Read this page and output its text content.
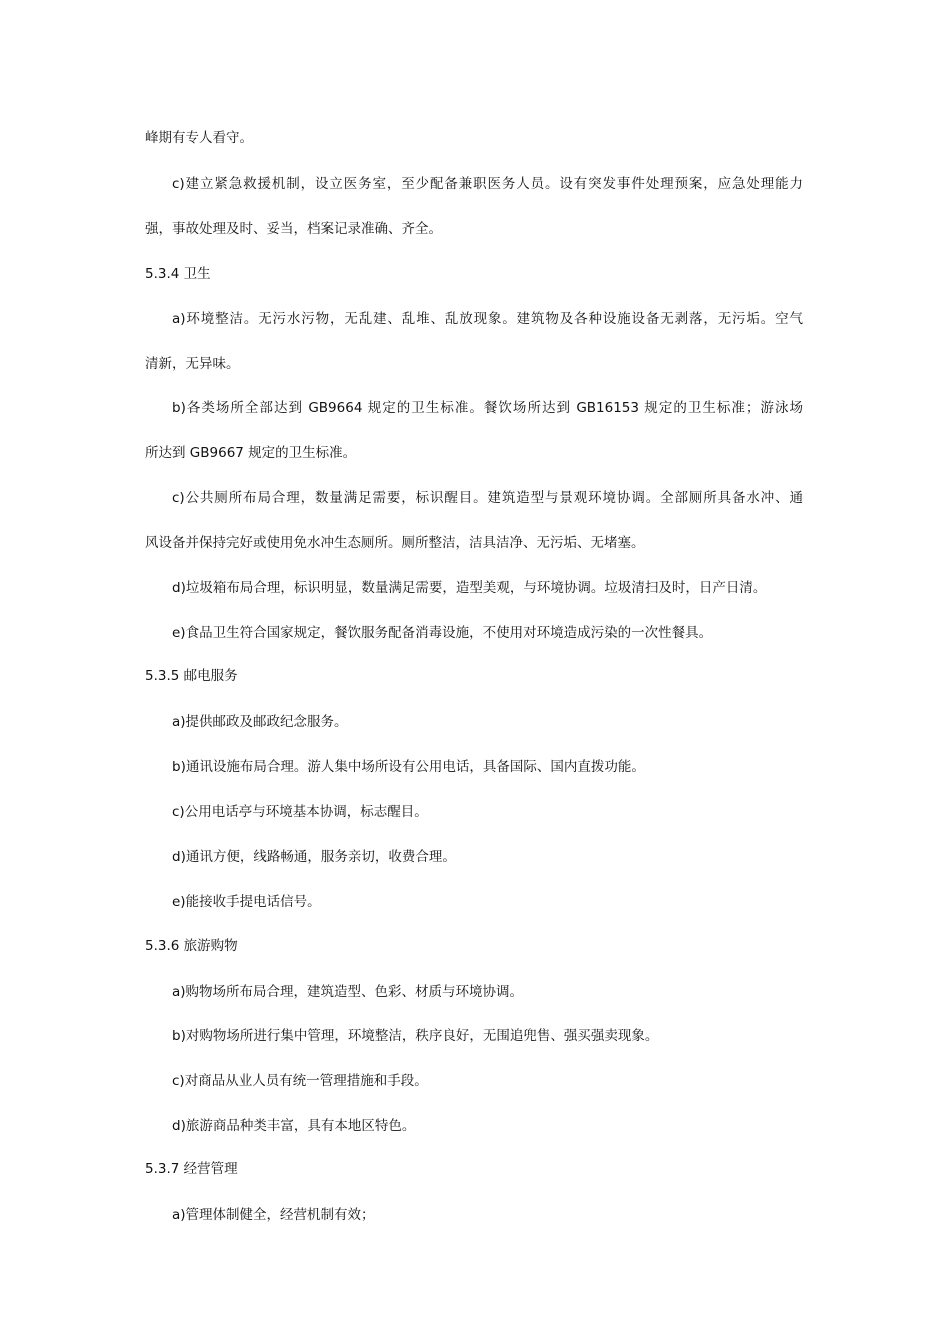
峰期有专人看守。
c)建立紧急救援机制，设立医务室，至少配备兼职医务人员。设有突发事件处理预案，应急处理能力
强，事故处理及时、妥当，档案记录准确、齐全。
5.3.4 卫生
a)环境整洁。无污水污物，无乱建、乱堆、乱放现象。建筑物及各种设施设备无剥落，无污垢。空气
清新，无异味。
b)各类场所全部达到 GB9664 规定的卫生标准。餐饮场所达到 GB16153 规定的卫生标准；游泳场
所达到 GB9667 规定的卫生标准。
c)公共厕所布局合理，数量满足需要，标识醒目。建筑造型与景观环境协调。全部厕所具备水冲、通
风设备并保持完好或使用免水冲生态厕所。厕所整洁，洁具洁净、无污垢、无堵塞。
d)垃圾箱布局合理，标识明显，数量满足需要，造型美观，与环境协调。垃圾清扫及时，日产日清。
e)食品卫生符合国家规定，餐饮服务配备消毒设施，不使用对环境造成污染的一次性餐具。
5.3.5 邮电服务
a)提供邮政及邮政纪念服务。
b)通讯设施布局合理。游人集中场所设有公用电话，具备国际、国内直拨功能。
c)公用电话亭与环境基本协调，标志醒目。
d)通讯方便，线路畅通，服务亲切，收费合理。
e)能接收手提电话信号。
5.3.6 旅游购物
a)购物场所布局合理，建筑造型、色彩、材质与环境协调。
b)对购物场所进行集中管理，环境整洁，秩序良好，无围追兜售、强买强卖现象。
c)对商品从业人员有统一管理措施和手段。
d)旅游商品种类丰富，具有本地区特色。
5.3.7 经营管理
a)管理体制健全，经营机制有效；
